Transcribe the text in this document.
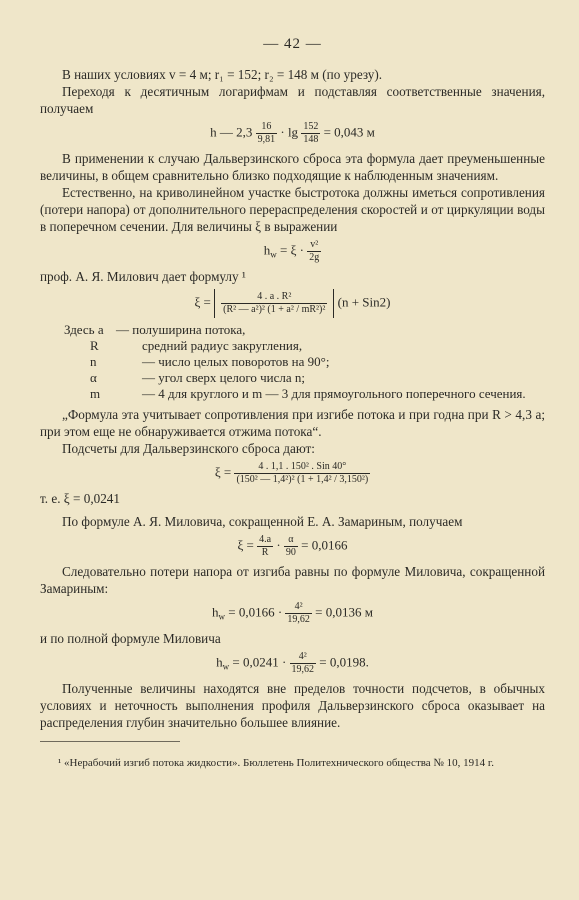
— 42 —

В наших условиях v = 4 м; r₁ = 152; r₂ = 148 м (по урезу).

Переходя к десятичным логарифмам и подставляя соответственные значения, получаем

h — $2,3 \frac{16}{9,81} \cdot \lg \frac{152}{148} = 0,043$ м

В применении к случаю Дальверзинского сброса эта формула дает преуменьшенные величины, в общем сравнительно близко подходящие к наблюденным значениям.

Естественно, на криволинейном участке быстротока должны иметься сопротивления (потери напора) от дополнительного перераспределения скоростей и от циркуляции воды в поперечном сечении. Для величины ξ в выражении

$h_w = \xi \cdot \frac{\text{v²}}{2g}$

проф. А. Я. Милович дает формулу ¹

$\xi = \frac{\text{4 . a . R²}}{\text{(R² — a²)² (1 + a² / mR²)²}} (n + Sin2)$
Здесь a — полуширина потока,
R	средний радиус закругления,
n	— число целых поворотов на 90°;
α	— угол сверх целого числа n;
m	— 4 для круглого и m — 3 для прямоугольного поперечного сечения.

„Формула эта учитывает сопротивления при изгибе потока и при годна при R > 4,3 a; при этом еще не обнаруживается отжима потока“.

Подсчеты для Дальверзинского сброса дают:

$\xi = \frac{\text{4 . 1,1 . 150² . Sin 40°}}{\text{(150² — 1,4²)² (1 + 1,4² / 3,150²)}}$

т. е. ξ = 0,0241

По формуле А. Я. Миловича, сокращенной Е. А. Замариным, получаем

$\xi = \frac{4.a}{R} \cdot \frac{\alpha}{90} = 0,0166$

Следовательно потери напора от изгиба равны по формуле Миловича, сокращенной Замариным:

$h_w = 0,0166 \cdot \frac{\text{4²}}{19,62} = 0,0136$ м

и по полной формуле Миловича

$h_w = 0,0241 \cdot \frac{\text{4²}}{19,62} = 0,0198$.

Полученные величины находятся вне пределов точности подсчетов, в обычных условиях и неточность выполнения профиля Дальверзинского сброса оказывает на распределения глубин значительно большее влияние.

¹ «Нерабочий изгиб потока жидкости». Бюллетень Политехнического общества № 10, 1914 г.
